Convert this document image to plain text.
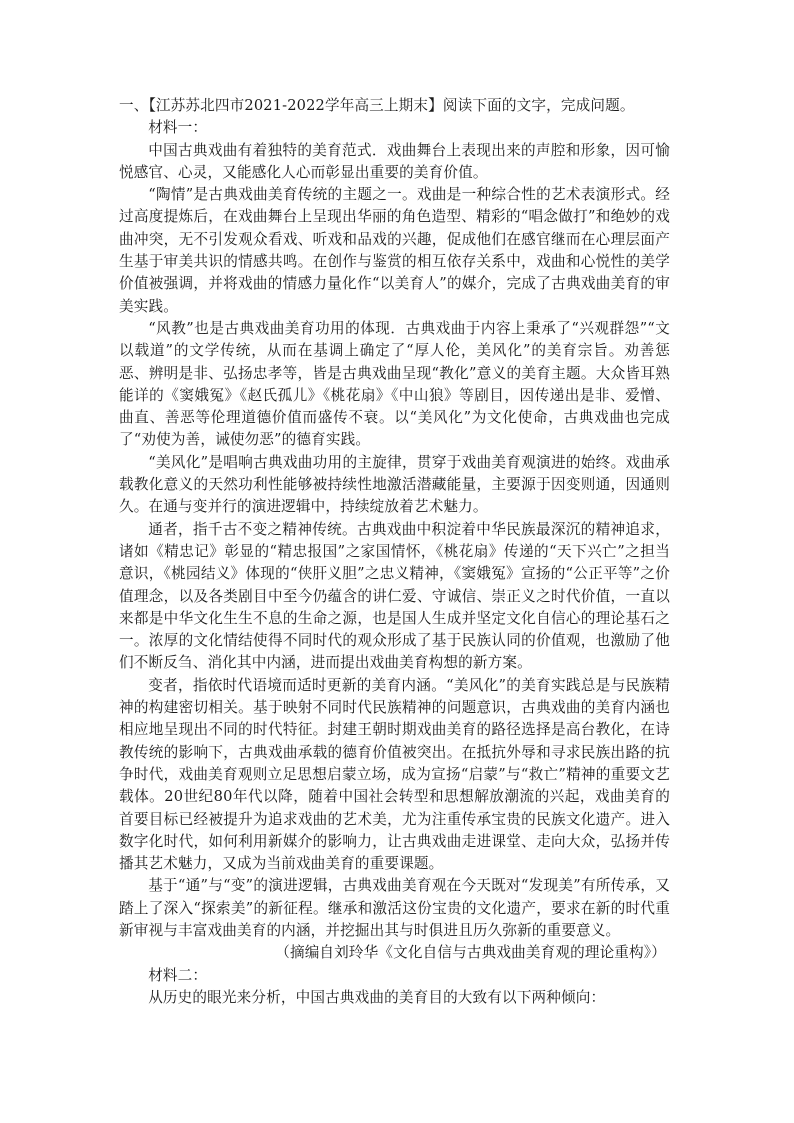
一、【江苏苏北四市2021-2022学年高三上期末】阅读下面的文字，完成问题。

材料一：

中国古典戏曲有着独特的美育范式．戏曲舞台上表现出来的声腔和形象，因可愉悦感官、心灵，又能感化人心而彰显出重要的美育价值。

“陶情”是古典戏曲美育传统的主题之一。戏曲是一种综合性的艺术表演形式。经过高度提炼后，在戏曲舞台上呈现出华丽的角色造型、精彩的“唱念做打”和绝妙的戏曲冲突，无不引发观众看戏、听戏和品戏的兴趣，促成他们在感官继而在心理层面产生基于审美共识的情感共鸣。在创作与鉴赏的相互依存关系中，戏曲和心悦性的美学价值被强调，并将戏曲的情感力量化作“以美育人”的媒介，完成了古典戏曲美育的审美实践。

“风教”也是古典戏曲美育功用的体现．古典戏曲于内容上秉承了“兴观群怨”“文以载道”的文学传统，从而在基调上确定了“厚人伦，美风化”的美育宗旨。劝善惩恶、辨明是非、弘扬忠孝等，皆是古典戏曲呈现“教化”意义的美育主题。大众皆耳熟能详的《窦娥冤》《赵氏孤儿》《桃花扇》《中山狼》等剧目，因传递出是非、爱憎、曲直、善恶等伦理道德价值而盛传不衰。以“美风化”为文化使命，古典戏曲也完成了“劝使为善，诫使勿恶”的德育实践。

“美风化”是唱响古典戏曲功用的主旋律，贯穿于戏曲美育观演进的始终。戏曲承载教化意义的天然功利性能够被持续性地激活潜藏能量，主要源于因变则通，因通则久。在通与变并行的演进逻辑中，持续绽放着艺术魅力。

通者，指千古不变之精神传统。古典戏曲中积淀着中华民族最深沉的精神追求，诸如《精忠记》彰显的“精忠报国”之家国情怀，《桃花扇》传递的“天下兴亡”之担当意识，《桃园结义》体现的“侠肝义胆”之忠义精神，《窦娥冤》宣扬的“公正平等”之价值理念，以及各类剧目中至今仍蕴含的讲仁爱、守诚信、崇正义之时代价值，一直以来都是中华文化生生不息的生命之源，也是国人生成并坚定文化自信心的理论基石之一。浓厚的文化情结使得不同时代的观众形成了基于民族认同的价值观，也激励了他们不断反刍、消化其中内涵，进而提出戏曲美育构想的新方案。

变者，指依时代语境而适时更新的美育内涵。“美风化”的美育实践总是与民族精神的构建密切相关。基于映射不同时代民族精神的问题意识，古典戏曲的美育内涵也相应地呈现出不同的时代特征。封建王朝时期戏曲美育的路径选择是高台教化，在诗教传统的影响下，古典戏曲承载的德育价值被突出。在抵抗外辱和寻求民族出路的抗争时代，戏曲美育观则立足思想启蒙立场，成为宣扬“启蒙”与“救亡”精神的重要文艺载体。20世纪80年代以降，随着中国社会转型和思想解放潮流的兴起，戏曲美育的首要目标已经被提升为追求戏曲的艺术美，尤为注重传承宝贵的民族文化遗产。进入数字化时代，如何利用新媒介的影响力，让古典戏曲走进课堂、走向大众，弘扬并传播其艺术魅力，又成为当前戏曲美育的重要课题。

基于“通”与“变”的演进逻辑，古典戏曲美育观在今天既对“发现美”有所传承，又踏上了深入“探索美”的新征程。继承和激活这份宝贵的文化遗产，要求在新的时代重新审视与丰富戏曲美育的内涵，并挖掘出其与时俱进且历久弥新的重要意义。

（摘编自刘玲华《文化自信与古典戏曲美育观的理论重构》）

材料二：

从历史的眼光来分析，中国古典戏曲的美育目的大致有以下两种倾向：
